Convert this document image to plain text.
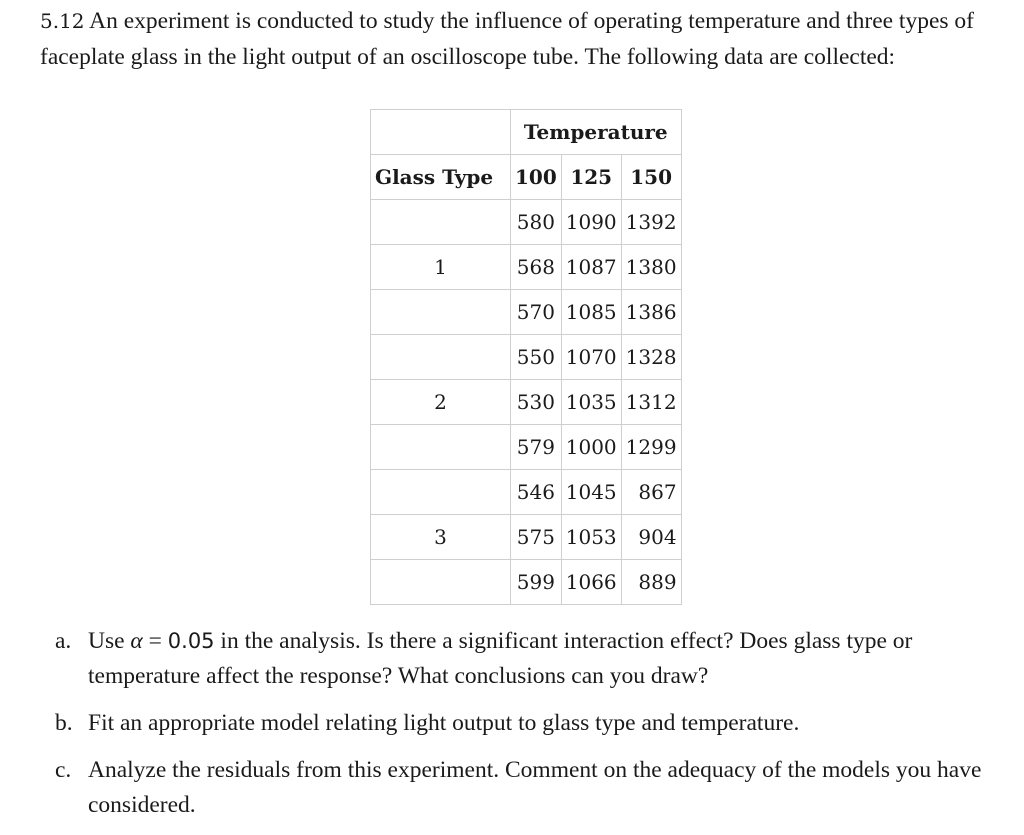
5.12 An experiment is conducted to study the influence of operating temperature and three types of faceplate glass in the light output of an oscilloscope tube. The following data are collected:

	Temperature		
Glass Type	100	125	150
	580	1090	1392
1	568	1087	1380
	570	1085	1386
	550	1070	1328
2	530	1035	1312
	579	1000	1299
	546	1045	867
3	575	1053	904
	599	1066	889
a. Use α = 0.05 in the analysis. Is there a significant interaction effect? Does glass type or temperature affect the response? What conclusions can you draw?
b. Fit an appropriate model relating light output to glass type and temperature.
c. Analyze the residuals from this experiment. Comment on the adequacy of the models you have considered.
